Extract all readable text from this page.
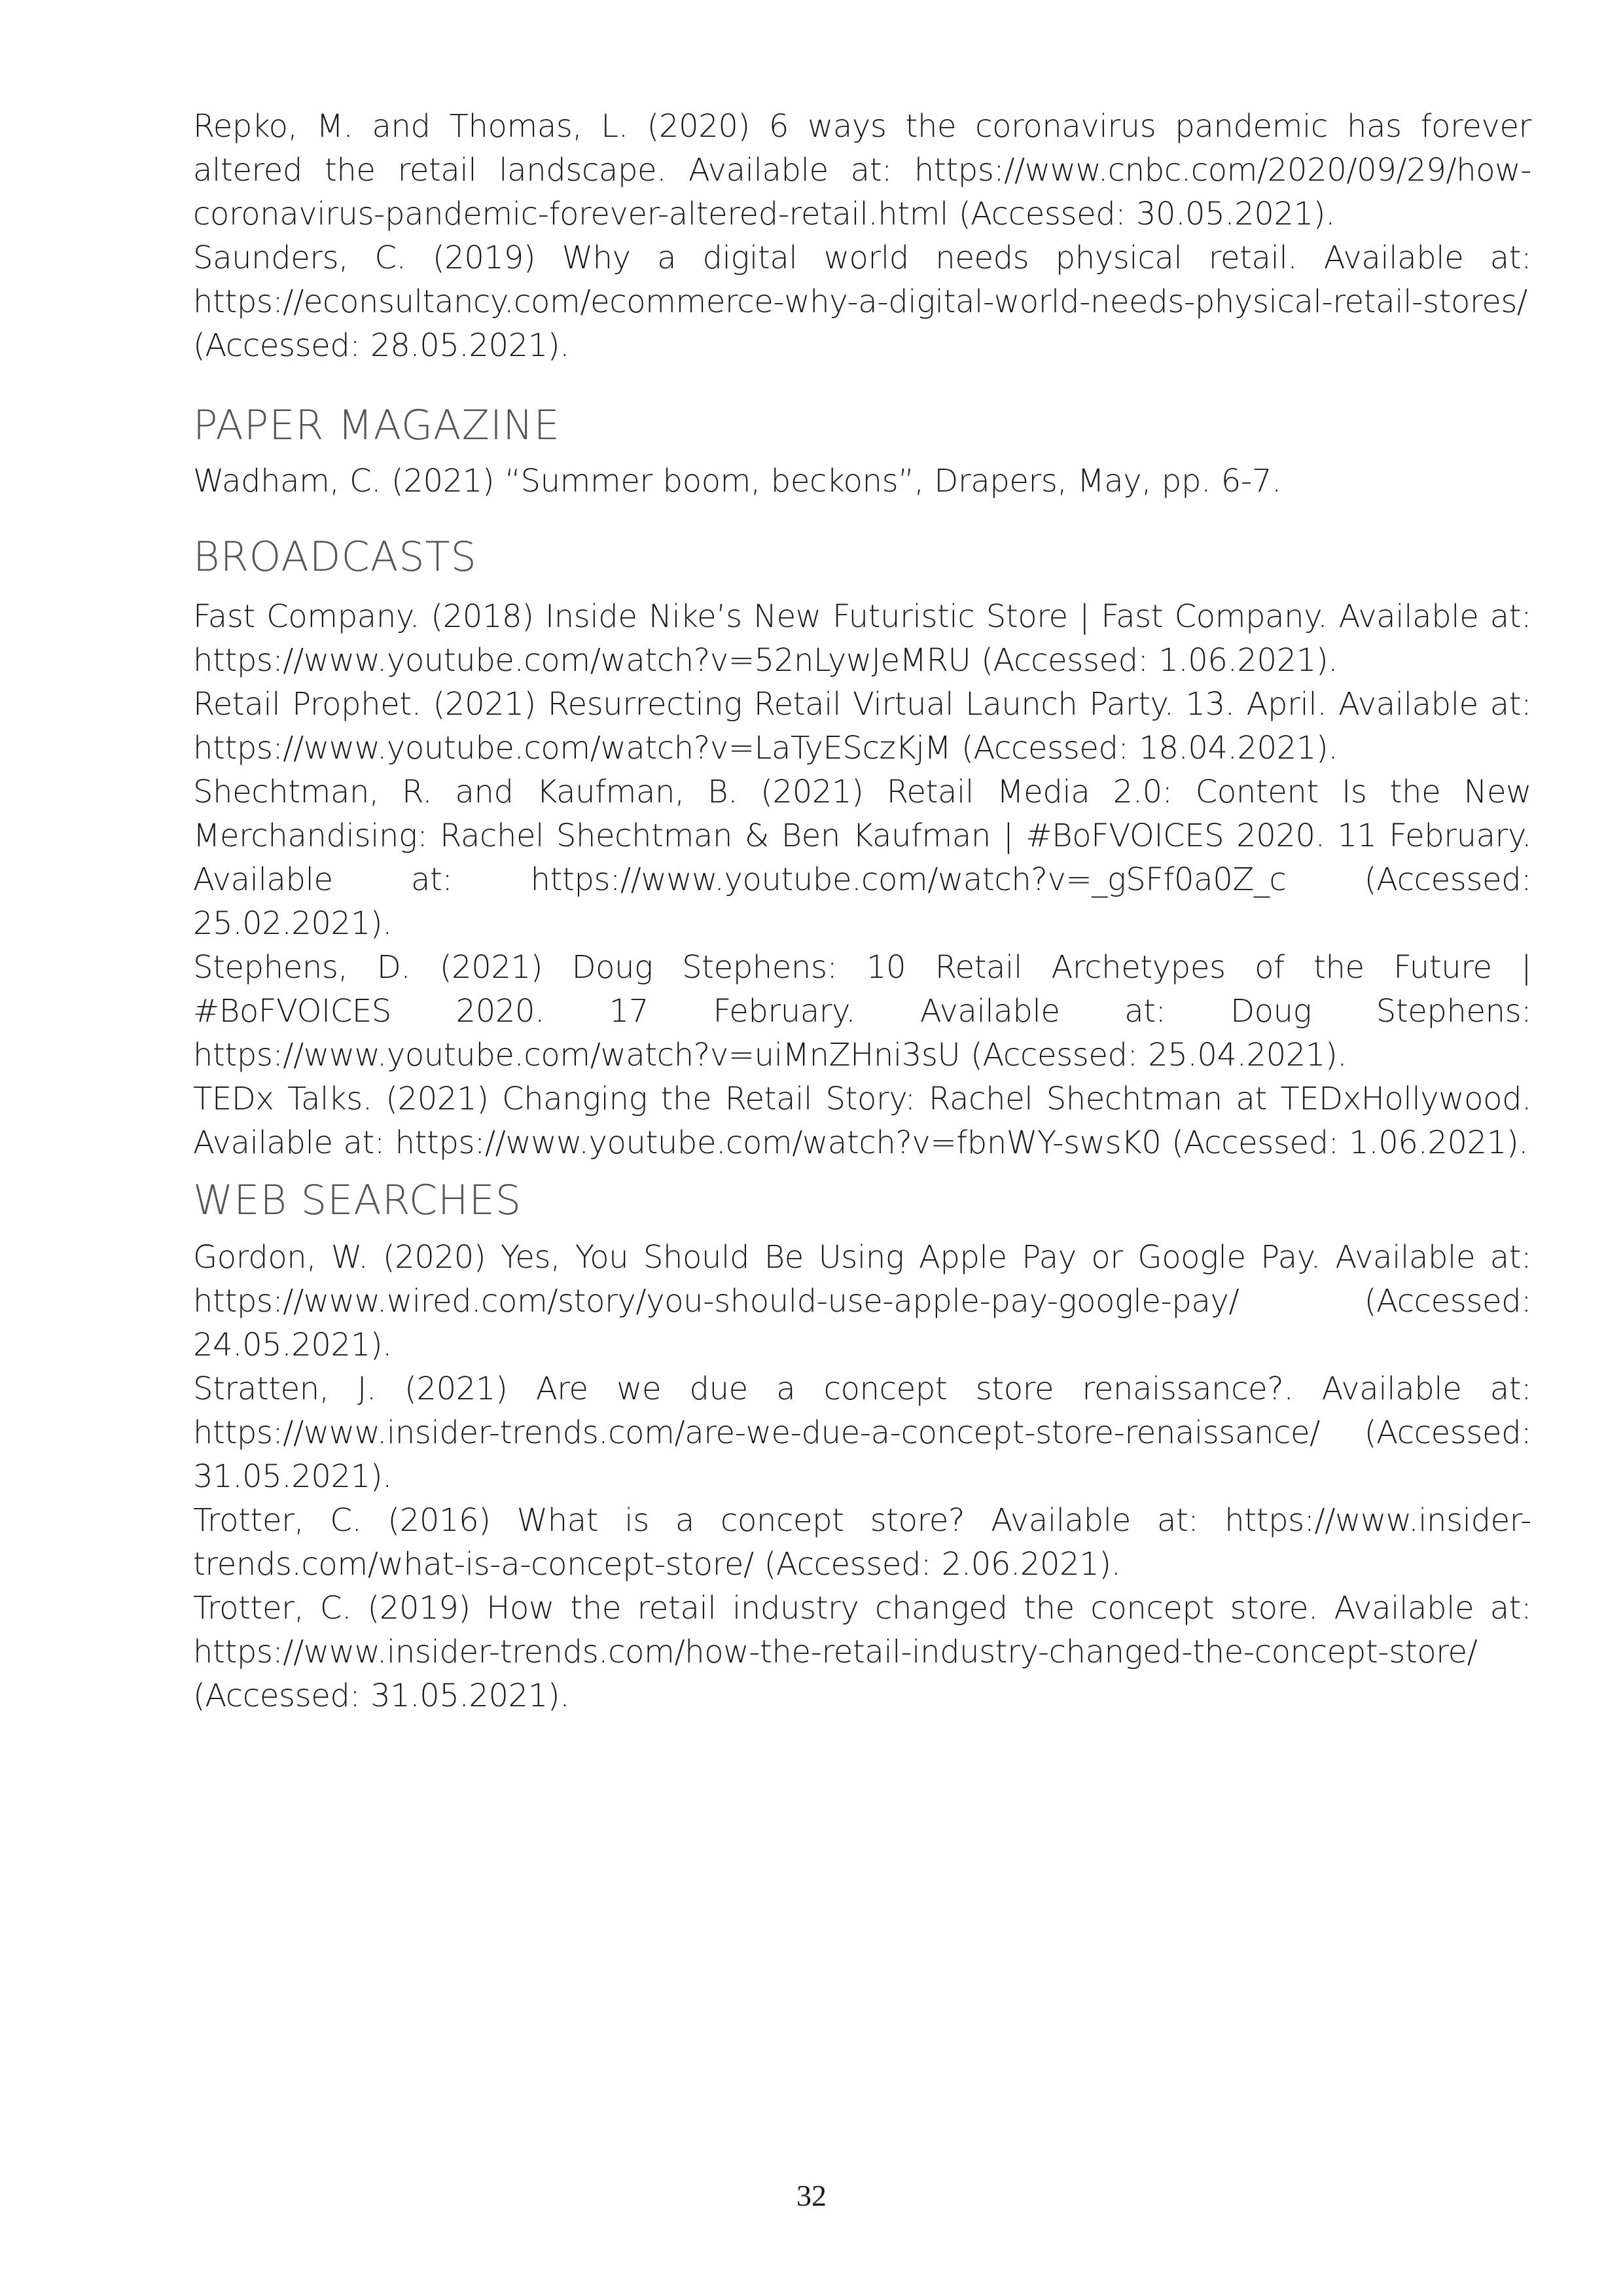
Repko, M. and Thomas, L. (2020) 6 ways the coronavirus pandemic has forever altered the retail landscape. Available at: https://www.cnbc.com/2020/09/29/how-coronavirus-pandemic-forever-altered-retail.html (Accessed: 30.05.2021).

Saunders, C. (2019) Why a digital world needs physical retail. Available at: https://econsultancy.com/ecommerce-why-a-digital-world-needs-physical-retail-stores/ (Accessed: 28.05.2021).

PAPER MAGAZINE

Wadham, C. (2021) “Summer boom, beckons”, Drapers, May, pp. 6-7.

BROADCASTS

Fast Company. (2018) Inside Nike’s New Futuristic Store | Fast Company. Available at: https://www.youtube.com/watch?v=52nLywJeMRU (Accessed: 1.06.2021).

Retail Prophet. (2021) Resurrecting Retail Virtual Launch Party. 13. April. Available at: https://www.youtube.com/watch?v=LaTyESczKjM (Accessed: 18.04.2021).

Shechtman, R. and Kaufman, B. (2021) Retail Media 2.0: Content Is the New Merchandising: Rachel Shechtman & Ben Kaufman | #BoFVOICES 2020. 11 February. Available at: https://www.youtube.com/watch?v=_gSFf0a0Z_c (Accessed: 25.02.2021).

Stephens, D. (2021) Doug Stephens: 10 Retail Archetypes of the Future | #BoFVOICES 2020. 17 February. Available at: Doug Stephens: https://www.youtube.com/watch?v=uiMnZHni3sU (Accessed: 25.04.2021).

TEDx Talks. (2021) Changing the Retail Story: Rachel Shechtman at TEDxHollywood. Available at: https://www.youtube.com/watch?v=fbnWY-swsK0 (Accessed: 1.06.2021).

WEB SEARCHES

Gordon, W. (2020) Yes, You Should Be Using Apple Pay or Google Pay. Available at: https://www.wired.com/story/you-should-use-apple-pay-google-pay/ (Accessed: 24.05.2021).

Stratten, J. (2021) Are we due a concept store renaissance?. Available at: https://www.insider-trends.com/are-we-due-a-concept-store-renaissance/ (Accessed: 31.05.2021).

Trotter, C. (2016) What is a concept store? Available at: https://www.insider-trends.com/what-is-a-concept-store/ (Accessed: 2.06.2021).

Trotter, C. (2019) How the retail industry changed the concept store. Available at: https://www.insider-trends.com/how-the-retail-industry-changed-the-concept-store/ (Accessed: 31.05.2021).

32
